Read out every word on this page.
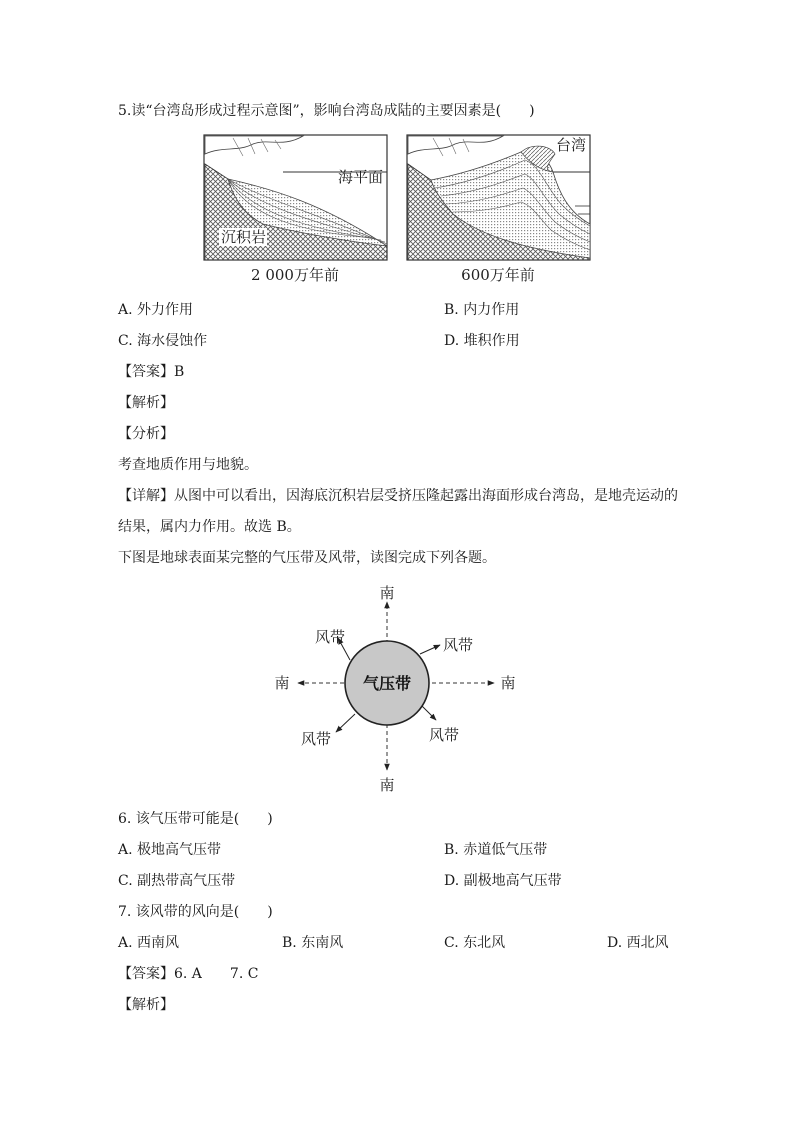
5.读“台湾岛形成过程示意图”，影响台湾岛成陆的主要因素是(　　)
沉积岩
海平面
台湾
2 000万年前	600万年前
A. 外力作用	B. 内力作用
C. 海水侵蚀作	D. 堆积作用
【答案】B
【解析】
【分析】
考查地质作用与地貌。
【详解】从图中可以看出，因海底沉积岩层受挤压隆起露出海面形成台湾岛，是地壳运动的
结果，属内力作用。故选 B。
下图是地球表面某完整的气压带及风带，读图完成下列各题。
气压带
南
南
南	南
风带	风带
风带	风带
6. 该气压带可能是(　　)
A. 极地高气压带	B. 赤道低气压带
C. 副热带高气压带	D. 副极地高气压带
7. 该风带的风向是(　　)
A. 西南风	B. 东南风	C. 东北风	D. 西北风
【答案】6. A　　7. C
【解析】
